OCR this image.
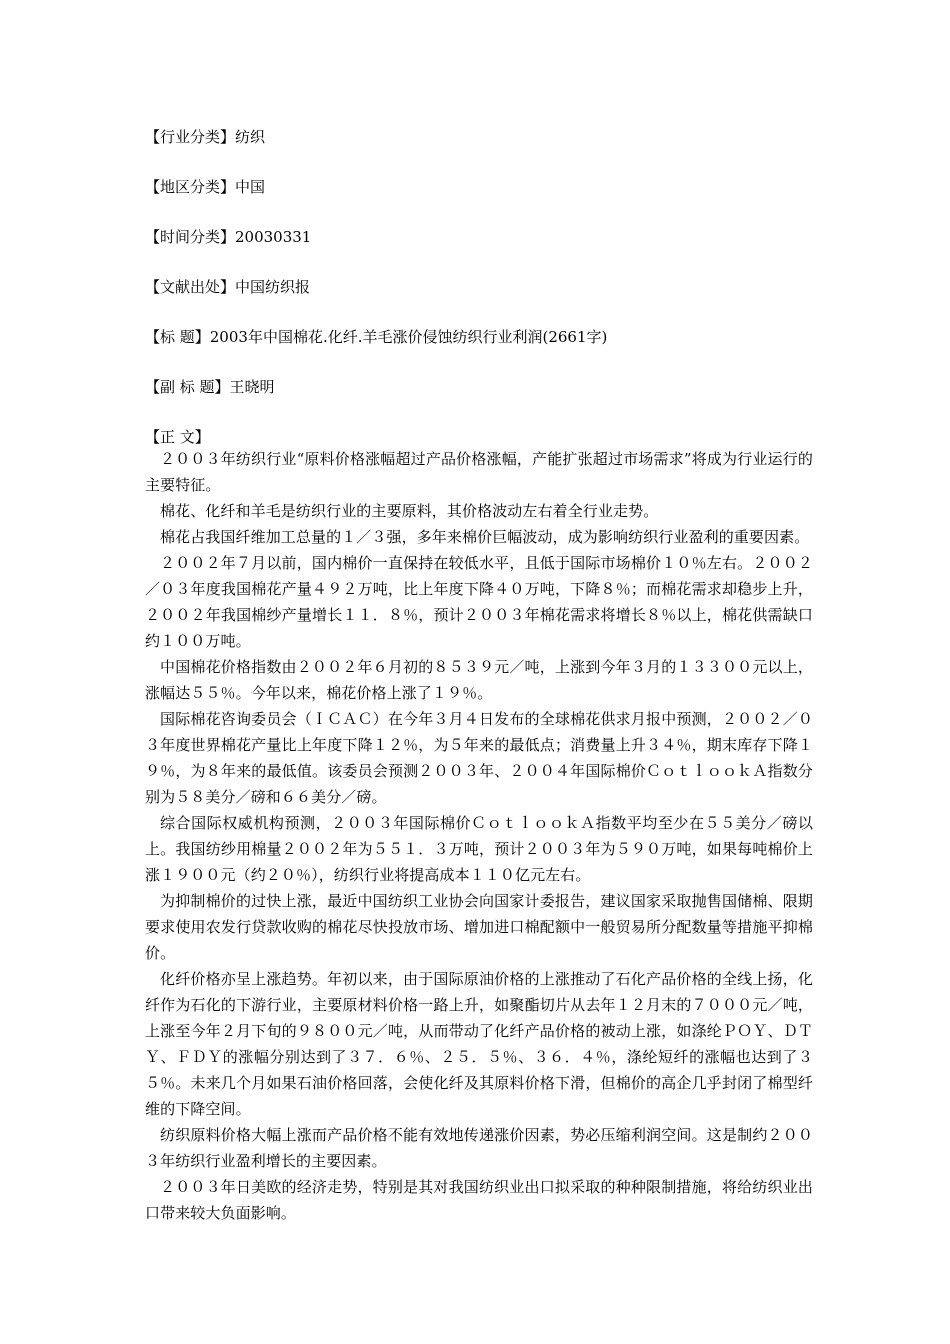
【行业分类】纺织
【地区分类】中国
【时间分类】20030331
【文献出处】中国纺织报
【标 题】2003年中国棉花.化纤.羊毛涨价侵蚀纺织行业利润(2661字)
【副 标 题】王晓明
【正 文】

２００３年纺织行业“原料价格涨幅超过产品价格涨幅，产能扩张超过市场需求”将成为行业运行的主要特征。

棉花、化纤和羊毛是纺织行业的主要原料，其价格波动左右着全行业走势。

棉花占我国纤维加工总量的１／３强，多年来棉价巨幅波动，成为影响纺织行业盈利的重要因素。

２００２年７月以前，国内棉价一直保持在较低水平，且低于国际市场棉价１０％左右。２００２／０３年度我国棉花产量４９２万吨，比上年度下降４０万吨，下降８％；而棉花需求却稳步上升，２００２年我国棉纱产量增长１１．８％，预计２００３年棉花需求将增长８％以上，棉花供需缺口约１００万吨。

中国棉花价格指数由２００２年６月初的８５３９元／吨，上涨到今年３月的１３３００元以上，涨幅达５５％。今年以来，棉花价格上涨了１９％。

国际棉花咨询委员会（ＩＣＡＣ）在今年３月４日发布的全球棉花供求月报中预测，２００２／０３年度世界棉花产量比上年度下降１２％，为５年来的最低点；消费量上升３４％，期末库存下降１９％，为８年来的最低值。该委员会预测２００３年、２００４年国际棉价ＣｏｔｌｏｏｋＡ指数分别为５８美分／磅和６６美分／磅。

综合国际权威机构预测，２００３年国际棉价ＣｏｔｌｏｏｋＡ指数平均至少在５５美分／磅以上。我国纺纱用棉量２００２年为５５１．３万吨，预计２００３年为５９０万吨，如果每吨棉价上涨１９００元（约２０％），纺织行业将提高成本１１０亿元左右。

为抑制棉价的过快上涨，最近中国纺织工业协会向国家计委报告，建议国家采取抛售国储棉、限期要求使用农发行贷款收购的棉花尽快投放市场、增加进口棉配额中一般贸易所分配数量等措施平抑棉价。

化纤价格亦呈上涨趋势。年初以来，由于国际原油价格的上涨推动了石化产品价格的全线上扬，化纤作为石化的下游行业，主要原材料价格一路上升，如聚酯切片从去年１２月末的７０００元／吨，上涨至今年２月下旬的９８００元／吨，从而带动了化纤产品价格的被动上涨，如涤纶ＰＯＹ、ＤＴＹ、ＦＤＹ的涨幅分别达到了３７．６％、２５．５％、３６．４％，涤纶短纤的涨幅也达到了３５％。未来几个月如果石油价格回落，会使化纤及其原料价格下滑，但棉价的高企几乎封闭了棉型纤维的下降空间。

纺织原料价格大幅上涨而产品价格不能有效地传递涨价因素，势必压缩利润空间。这是制约２００３年纺织行业盈利增长的主要因素。

２００３年日美欧的经济走势，特别是其对我国纺织业出口拟采取的种种限制措施，将给纺织业出口带来较大负面影响。
